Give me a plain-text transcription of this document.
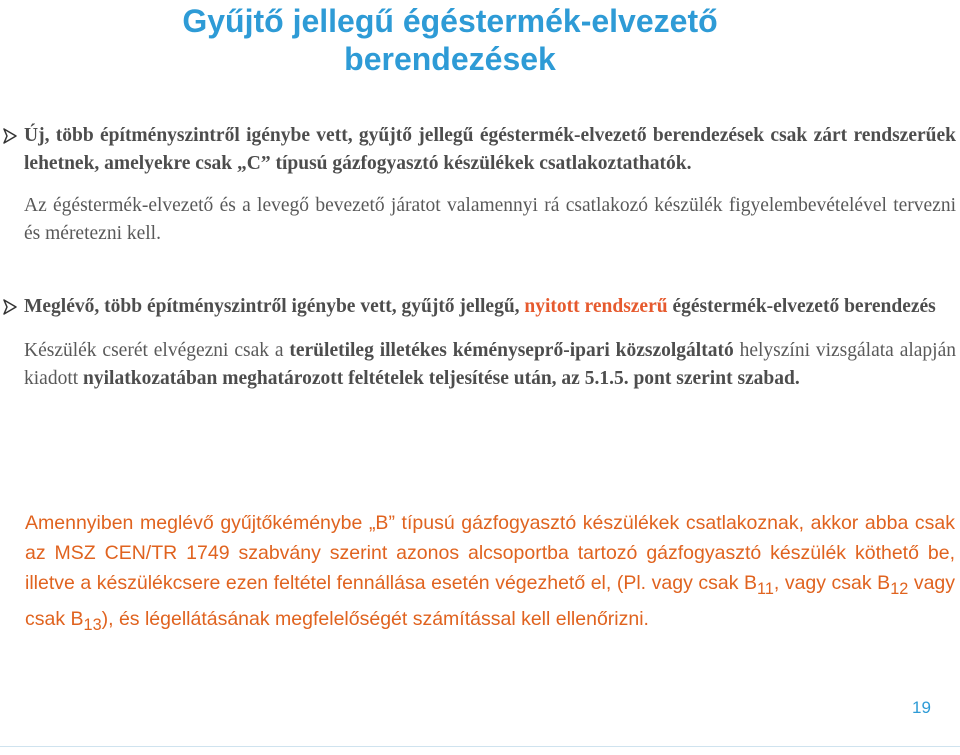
Gyűjtő jellegű égéstermék-elvezető
berendezések
Új, több építményszintről igénybe vett, gyűjtő jellegű égéstermék-elvezető berendezések csak zárt rendszerűek lehetnek, amelyekre csak „C” típusú gázfogyasztó készülékek csatlakoztathatók.
Az égéstermék-elvezető és a levegő bevezető járatot valamennyi rá csatlakozó készülék figyelembevételével tervezni és méretezni kell.
Meglévő, több építményszintről igénybe vett, gyűjtő jellegű, nyitott rendszerű égéstermék-elvezető berendezés
Készülék cserét elvégezni csak a területileg illetékes kéményseprő-ipari közszolgáltató helyszíni vizsgálata alapján kiadott nyilatkozatában meghatározott feltételek teljesítése után, az 5.1.5. pont szerint szabad.
Amennyiben meglévő gyűjtőkéménybe „B” típusú gázfogyasztó készülékek csatlakoznak, akkor abba csak az MSZ CEN/TR 1749 szabvány szerint azonos alcsoportba tartozó gázfogyasztó készülék köthető be, illetve a készülékcsere ezen feltétel fennállása esetén végezhető el, (Pl. vagy csak $B_{11}$, vagy csak $B_{12}$ vagy csak $B_{13}$), és légellátásának megfelelőségét számítással kell ellenőrizni.
19
